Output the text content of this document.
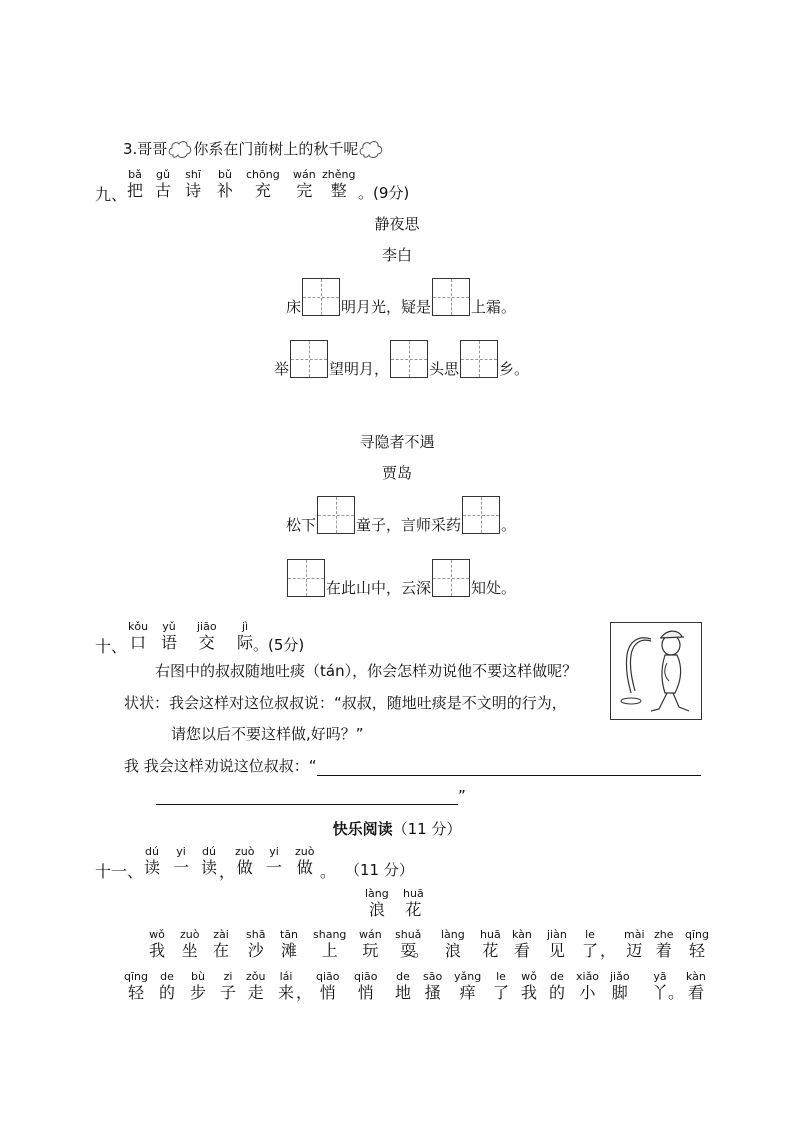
3.哥哥 你系在门前树上的秋千呢
九、
bǎ
把
gǔ
古
shī
诗
bǔ
补
chōng
充
wán
完
zhěng
整 。(9分)
静夜思
李白
床	明月光，疑是	上霜。
举	望明月，	头思	乡。
寻隐者不遇
贾岛
松下	童子，言师采药	。
在此山中，云深	知处。
十、
kǒu
口
yǔ
语
jiāo
交
jì
际 。(5分)
右图中的叔叔随地吐痰（tán），你会怎样劝说他不要这样做呢？
状状：我会这样对这位叔叔说：“叔叔，随地吐痰是不文明的行为，
请您以后不要这样做,好吗？”
我 我会这样劝说这位叔叔：“
”
快乐阅读（11 分）
十一、
dú
读
yi
一
dú
读 ，
zuò
做
yi
一
zuò
做 。 （11 分）
làng
浪
huā
花
wǒ
我
zuò
坐
zài
在
shā
沙
tān
滩
shang
上
wán
玩
shuǎ
耍
。
làng
浪
huā
花
kàn
看
jiàn
见
le
了 ，
mài
迈
zhe
着
qīng
轻
qīng
轻
de
的
bù
步
zi
子
zǒu
走
lái
来 ，
qiāo
悄
qiāo
悄
de
地
sāo
搔
yǎng
痒
le
了
wǒ
我
de
的
xiǎo
小
jiǎo
脚
yā
丫 。
kàn
看
